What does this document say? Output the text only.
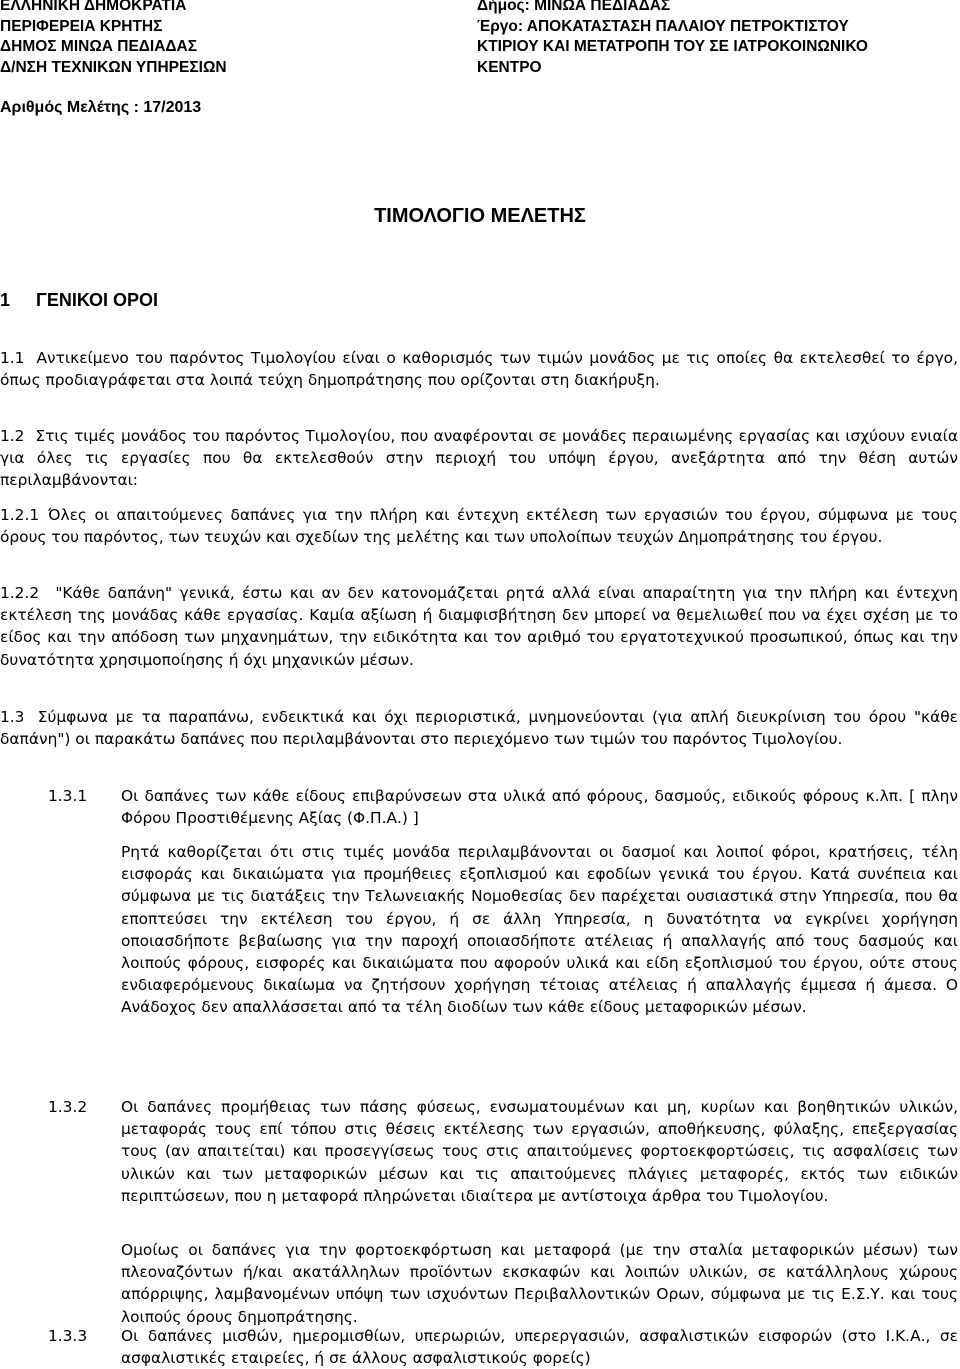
ΕΛΛΗΝΙΚΗ ΔΗΜΟΚΡΑΤΙΑ
ΠΕΡΙΦΕΡΕΙΑ ΚΡΗΤΗΣ
ΔΗΜΟΣ ΜΙΝΩΑ ΠΕΔΙΑΔΑΣ
Δ/ΝΣΗ ΤΕΧΝΙΚΩΝ ΥΠΗΡΕΣΙΩΝ
Δήμος: ΜΙΝΩΑ ΠΕΔΙΑΔΑΣ
Έργο: ΑΠΟΚΑΤΑΣΤΑΣΗ ΠΑΛΑΙΟΥ ΠΕΤΡΟΚΤΙΣΤΟΥ
ΚΤΙΡΙΟΥ ΚΑΙ ΜΕΤΑΤΡΟΠΗ ΤΟΥ ΣΕ ΙΑΤΡΟΚΟΙΝΩΝΙΚΟ
ΚΕΝΤΡΟ
Αριθμός Μελέτης : 17/2013
ΤΙΜΟΛΟΓΙΟ ΜΕΛΕΤΗΣ
1 ΓΕΝΙΚΟΙ ΟΡΟΙ
1.1 Αντικείμενο του παρόντος Τιμολογίου είναι ο καθορισμός των τιμών μονάδος με τις οποίες θα εκτελεσθεί το έργο, όπως προδιαγράφεται στα λοιπά τεύχη δημοπράτησης που ορίζονται στη διακήρυξη.
1.2 Στις τιμές μονάδος του παρόντος Τιμολογίου, που αναφέρονται σε μονάδες περαιωμένης εργασίας και ισχύουν ενιαία για όλες τις εργασίες που θα εκτελεσθούν στην περιοχή του υπόψη έργου, ανεξάρτητα από την θέση αυτών περιλαμβάνονται:
1.2.1 Όλες οι απαιτούμενες δαπάνες για την πλήρη και έντεχνη εκτέλεση των εργασιών του έργου, σύμφωνα με τους όρους του παρόντος, των τευχών και σχεδίων της μελέτης και των υπολοίπων τευχών Δημοπράτησης του έργου.
1.2.2 "Κάθε δαπάνη" γενικά, έστω και αν δεν κατονομάζεται ρητά αλλά είναι απαραίτητη για την πλήρη και έντεχνη εκτέλεση της μονάδας κάθε εργασίας. Καμία αξίωση ή διαμφισβήτηση δεν μπορεί να θεμελιωθεί που να έχει σχέση με το είδος και την απόδοση των μηχανημάτων, την ειδικότητα και τον αριθμό του εργατοτεχνικού προσωπικού, όπως και την δυνατότητα χρησιμοποίησης ή όχι μηχανικών μέσων.
1.3 Σύμφωνα με τα παραπάνω, ενδεικτικά και όχι περιοριστικά, μνημονεύονται (για απλή διευκρίνιση του όρου "κάθε δαπάνη") οι παρακάτω δαπάνες που περιλαμβάνονται στο περιεχόμενο των τιμών του παρόντος Τιμολογίου.
1.3.1 Οι δαπάνες των κάθε είδους επιβαρύνσεων στα υλικά από φόρους, δασμούς, ειδικούς φόρους κ.λπ. [ πλην Φόρου Προστιθέμενης Αξίας (Φ.Π.Α.) ]
Ρητά καθορίζεται ότι στις τιμές μονάδα περιλαμβάνονται οι δασμοί και λοιποί φόροι, κρατήσεις, τέλη εισφοράς και δικαιώματα για προμήθειες εξοπλισμού και εφοδίων γενικά του έργου. Κατά συνέπεια και σύμφωνα με τις διατάξεις την Τελωνειακής Νομοθεσίας δεν παρέχεται ουσιαστικά στην Υπηρεσία, που θα εποπτεύσει την εκτέλεση του έργου, ή σε άλλη Υπηρεσία, η δυνατότητα να εγκρίνει χορήγηση οποιασδήποτε βεβαίωσης για την παροχή οποιασδήποτε ατέλειας ή απαλλαγής από τους δασμούς και λοιπούς φόρους, εισφορές και δικαιώματα που αφορούν υλικά και είδη εξοπλισμού του έργου, ούτε στους ενδιαφερόμενους δικαίωμα να ζητήσουν χορήγηση τέτοιας ατέλειας ή απαλλαγής έμμεσα ή άμεσα. Ο Ανάδοχος δεν απαλλάσσεται από τα τέλη διοδίων των κάθε είδους μεταφορικών μέσων.
1.3.2 Οι δαπάνες προμήθειας των πάσης φύσεως, ενσωματουμένων και μη, κυρίων και βοηθητικών υλικών, μεταφοράς τους επί τόπου στις θέσεις εκτέλεσης των εργασιών, αποθήκευσης, φύλαξης, επεξεργασίας τους (αν απαιτείται) και προσεγγίσεως τους στις απαιτούμενες φορτοεκφορτώσεις, τις ασφαλίσεις των υλικών και των μεταφορικών μέσων και τις απαιτούμενες πλάγιες μεταφορές, εκτός των ειδικών περιπτώσεων, που η μεταφορά πληρώνεται ιδιαίτερα με αντίστοιχα άρθρα του Τιμολογίου.
Ομοίως οι δαπάνες για την φορτοεκφόρτωση και μεταφορά (με την σταλία μεταφορικών μέσων) των πλεοναζόντων ή/και ακατάλληλων προϊόντων εκσκαφών και λοιπών υλικών, σε κατάλληλους χώρους απόρριψης, λαμβανομένων υπόψη των ισχυόντων Περιβαλλοντικών Ορων, σύμφωνα με τις Ε.Σ.Υ. και τους λοιπούς όρους δημοπράτησης.
1.3.3 Οι δαπάνες μισθών, ημερομισθίων, υπερωριών, υπερεργασιών, ασφαλιστικών εισφορών (στο Ι.Κ.Α., σε ασφαλιστικές εταιρείες, ή σε άλλους ασφαλιστικούς φορείς)
